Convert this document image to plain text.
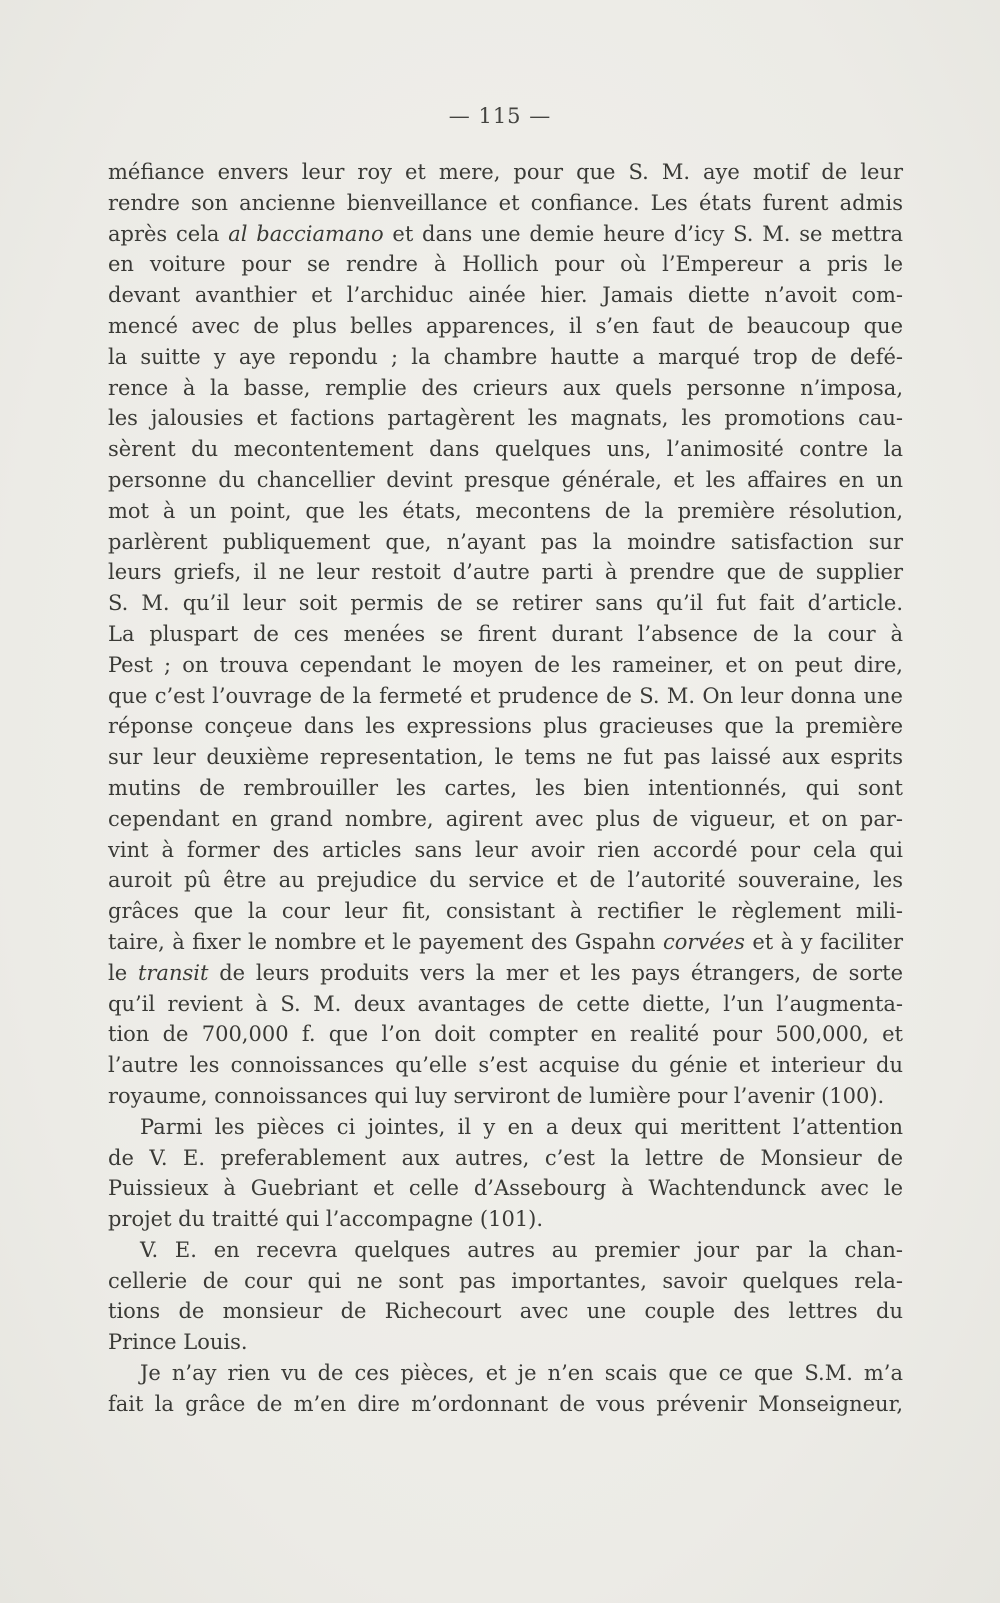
— 115 —
méfiance envers leur roy et mere, pour que S. M. aye motif de leur
rendre son ancienne bienveillance et confiance. Les états furent admis
après cela al bacciamano et dans une demie heure d’icy S. M. se mettra
en voiture pour se rendre à Hollich pour où l’Empereur a pris le
devant avanthier et l’archiduc ainée hier. Jamais diette n’avoit com-
mencé avec de plus belles apparences, il s’en faut de beaucoup que
la suitte y aye repondu ; la chambre hautte a marqué trop de defé-
rence à la basse, remplie des crieurs aux quels personne n’imposa,
les jalousies et factions partagèrent les magnats, les promotions cau-
sèrent du mecontentement dans quelques uns, l’animosité contre la
personne du chancellier devint presque générale, et les affaires en un
mot à un point, que les états, mecontens de la première résolution,
parlèrent publiquement que, n’ayant pas la moindre satisfaction sur
leurs griefs, il ne leur restoit d’autre parti à prendre que de supplier
S. M. qu’il leur soit permis de se retirer sans qu’il fut fait d’article.
La pluspart de ces menées se firent durant l’absence de la cour à
Pest ; on trouva cependant le moyen de les rameiner, et on peut dire,
que c’est l’ouvrage de la fermeté et prudence de S. M. On leur donna une
réponse conçeue dans les expressions plus gracieuses que la première
sur leur deuxième representation, le tems ne fut pas laissé aux esprits
mutins de rembrouiller les cartes, les bien intentionnés, qui sont
cependant en grand nombre, agirent avec plus de vigueur, et on par-
vint à former des articles sans leur avoir rien accordé pour cela qui
auroit pû être au prejudice du service et de l’autorité souveraine, les
grâces que la cour leur fit, consistant à rectifier le règlement mili-
taire, à fixer le nombre et le payement des Gspahn corvées et à y faciliter
le transit de leurs produits vers la mer et les pays étrangers, de sorte
qu’il revient à S. M. deux avantages de cette diette, l’un l’augmenta-
tion de 700,000 f. que l’on doit compter en realité pour 500,000, et
l’autre les connoissances qu’elle s’est acquise du génie et interieur du
royaume, connoissances qui luy serviront de lumière pour l’avenir (100).
Parmi les pièces ci jointes, il y en a deux qui merittent l’attention
de V. E. preferablement aux autres, c’est la lettre de Monsieur de
Puissieux à Guebriant et celle d’Assebourg à Wachtendunck avec le
projet du traitté qui l’accompagne (101).
V. E. en recevra quelques autres au premier jour par la chan-
cellerie de cour qui ne sont pas importantes, savoir quelques rela-
tions de monsieur de Richecourt avec une couple des lettres du
Prince Louis.
Je n’ay rien vu de ces pièces, et je n’en scais que ce que S.M. m’a
fait la grâce de m’en dire m’ordonnant de vous prévenir Monseigneur,
